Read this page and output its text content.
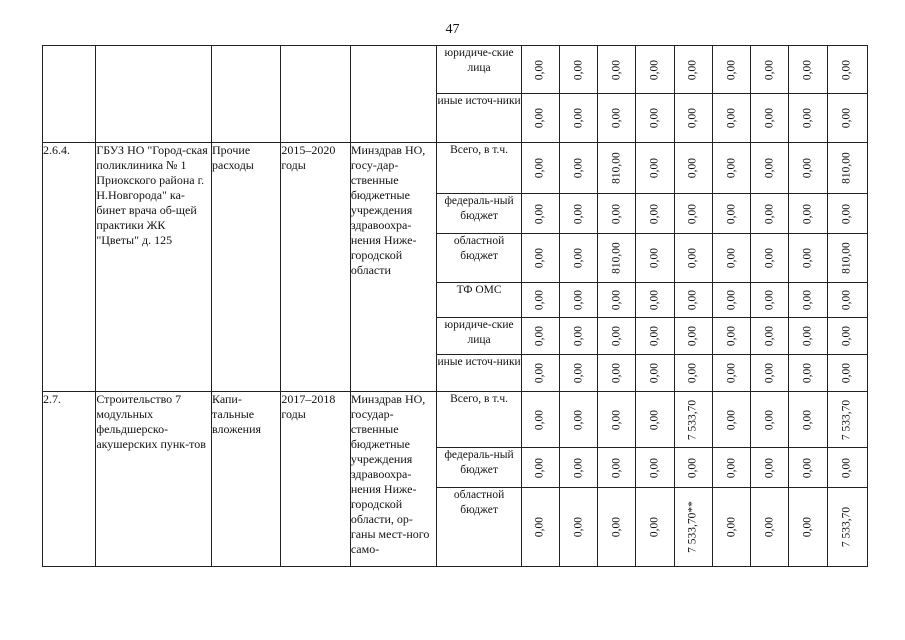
47
					юридиче-ские лица	0,00	0,00	0,00	0,00	0,00	0,00	0,00	0,00	0,00

					иные источ-ники	0,00	0,00	0,00	0,00	0,00	0,00	0,00	0,00	0,00

2.6.4.	ГБУЗ НО "Город-ская поликлиника № 1 Приокского района г. Н.Новгорода" ка-бинет врача об-щей практики ЖК "Цветы" д. 125	Прочие расходы	2015–2020 годы	Минздрав НО, госу-дар-ственные бюджетные учреждения здравоохра-нения Ниже-городской области	Всего, в т.ч.	0,00	0,00	810,00	0,00	0,00	0,00	0,00	0,00	810,00

					федераль-ный бюджет	0,00	0,00	0,00	0,00	0,00	0,00	0,00	0,00	0,00

					областной бюджет	0,00	0,00	810,00	0,00	0,00	0,00	0,00	0,00	810,00

					ТФ ОМС	0,00	0,00	0,00	0,00	0,00	0,00	0,00	0,00	0,00

					юридиче-ские лица	0,00	0,00	0,00	0,00	0,00	0,00	0,00	0,00	0,00

					иные источ-ники	0,00	0,00	0,00	0,00	0,00	0,00	0,00	0,00	0,00

2.7.	Строительство 7 модульных фельдшерско-акушерских пунк-тов	Капи-тальные вложения	2017–2018 годы	Минздрав НО, государ-ственные бюджетные учреждения здравоохра-нения Ниже-городской области, ор-ганы мест-ного само-	Всего, в т.ч.	0,00	0,00	0,00	0,00	7 533,70	0,00	0,00	0,00	7 533,70

					федераль-ный бюджет	0,00	0,00	0,00	0,00	0,00	0,00	0,00	0,00	0,00

					областной бюджет	0,00	0,00	0,00	0,00	7 533,70**	0,00	0,00	0,00	7 533,70
